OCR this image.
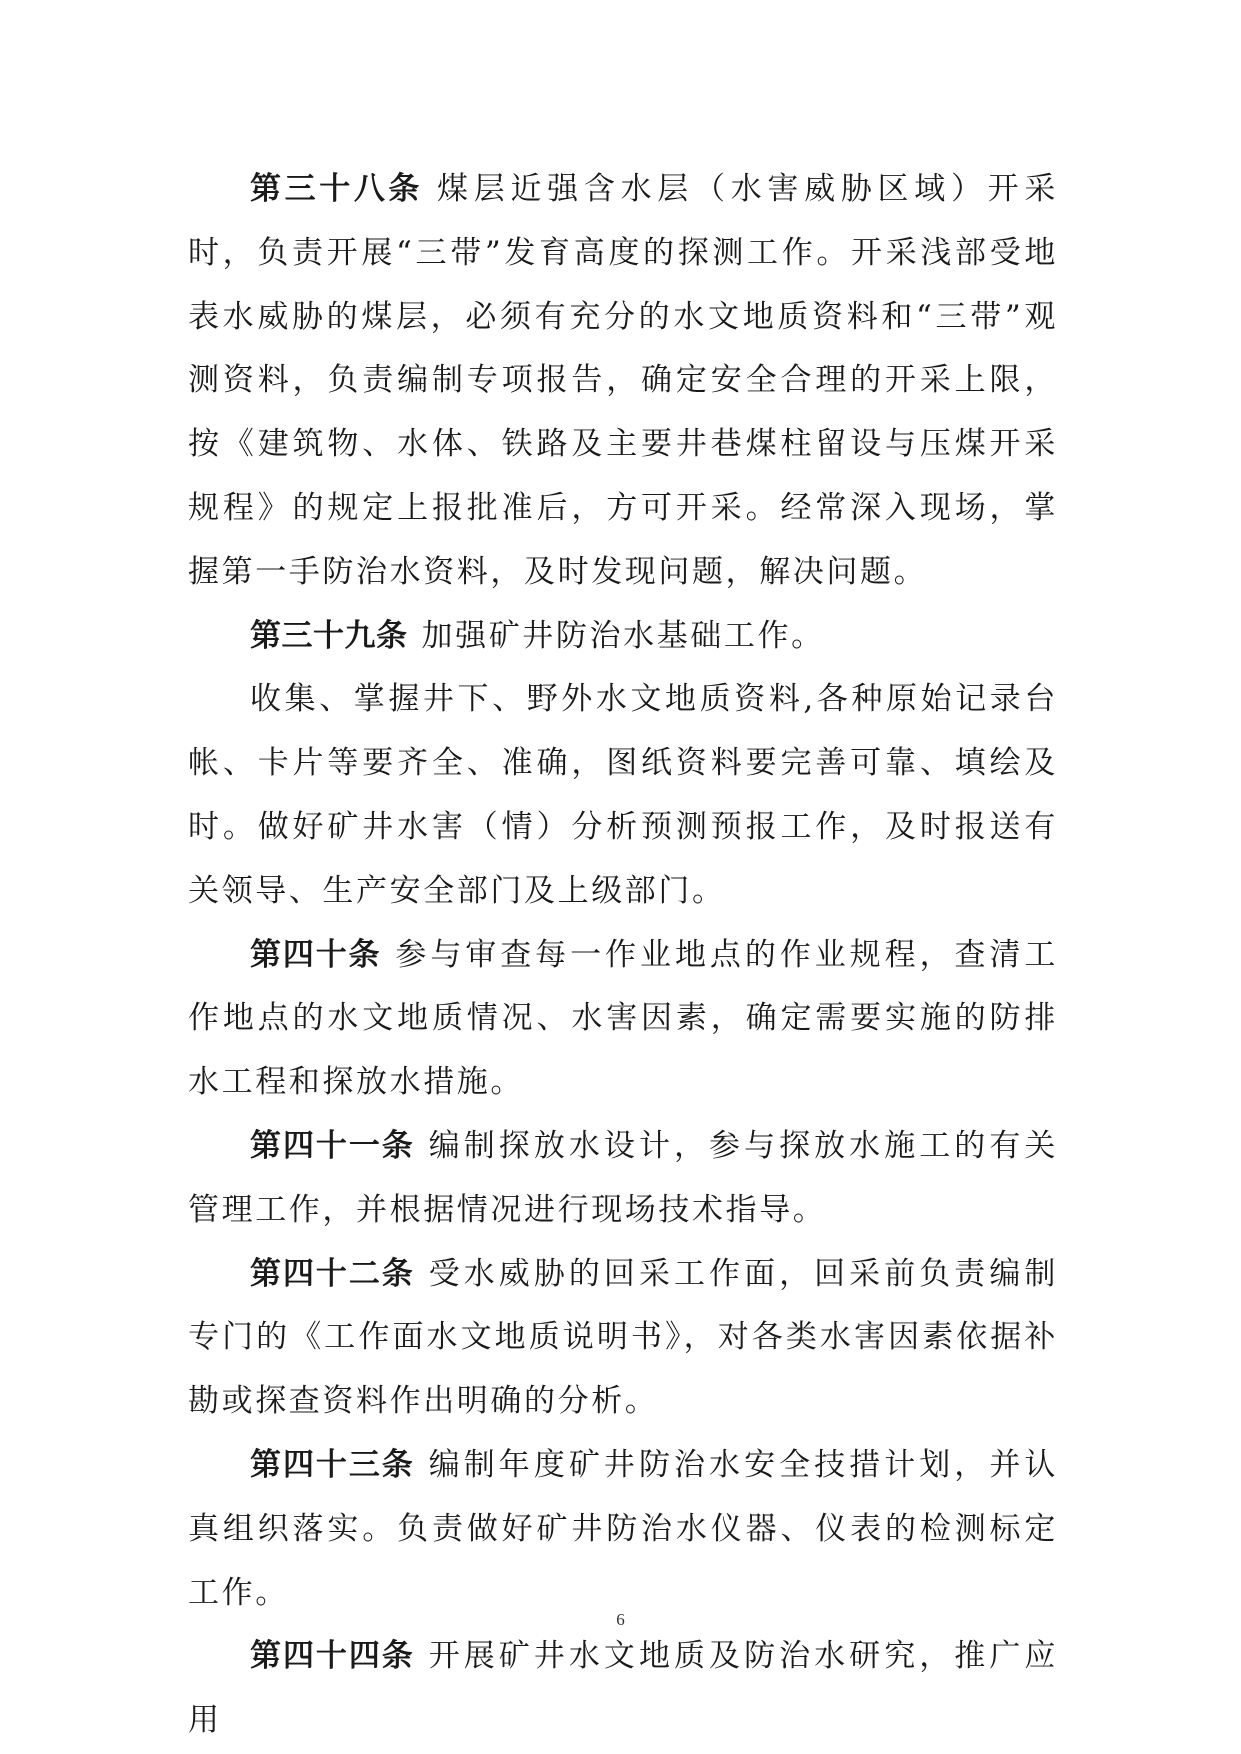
第三十八条 煤层近强含水层（水害威胁区域）开采时，负责开展“三带”发育高度的探测工作。开采浅部受地表水威胁的煤层，必须有充分的水文地质资料和“三带”观测资料，负责编制专项报告，确定安全合理的开采上限，按《建筑物、水体、铁路及主要井巷煤柱留设与压煤开采规程》的规定上报批准后，方可开采。经常深入现场，掌握第一手防治水资料，及时发现问题，解决问题。

第三十九条 加强矿井防治水基础工作。

收集、掌握井下、野外水文地质资料,各种原始记录台帐、卡片等要齐全、准确，图纸资料要完善可靠、填绘及时。做好矿井水害（情）分析预测预报工作，及时报送有关领导、生产安全部门及上级部门。

第四十条 参与审查每一作业地点的作业规程，查清工作地点的水文地质情况、水害因素，确定需要实施的防排水工程和探放水措施。

第四十一条 编制探放水设计，参与探放水施工的有关管理工作，并根据情况进行现场技术指导。

第四十二条 受水威胁的回采工作面，回采前负责编制专门的《工作面水文地质说明书》，对各类水害因素依据补勘或探查资料作出明确的分析。

第四十三条 编制年度矿井防治水安全技措计划，并认真组织落实。负责做好矿井防治水仪器、仪表的检测标定工作。

第四十四条 开展矿井水文地质及防治水研究，推广应用

6
